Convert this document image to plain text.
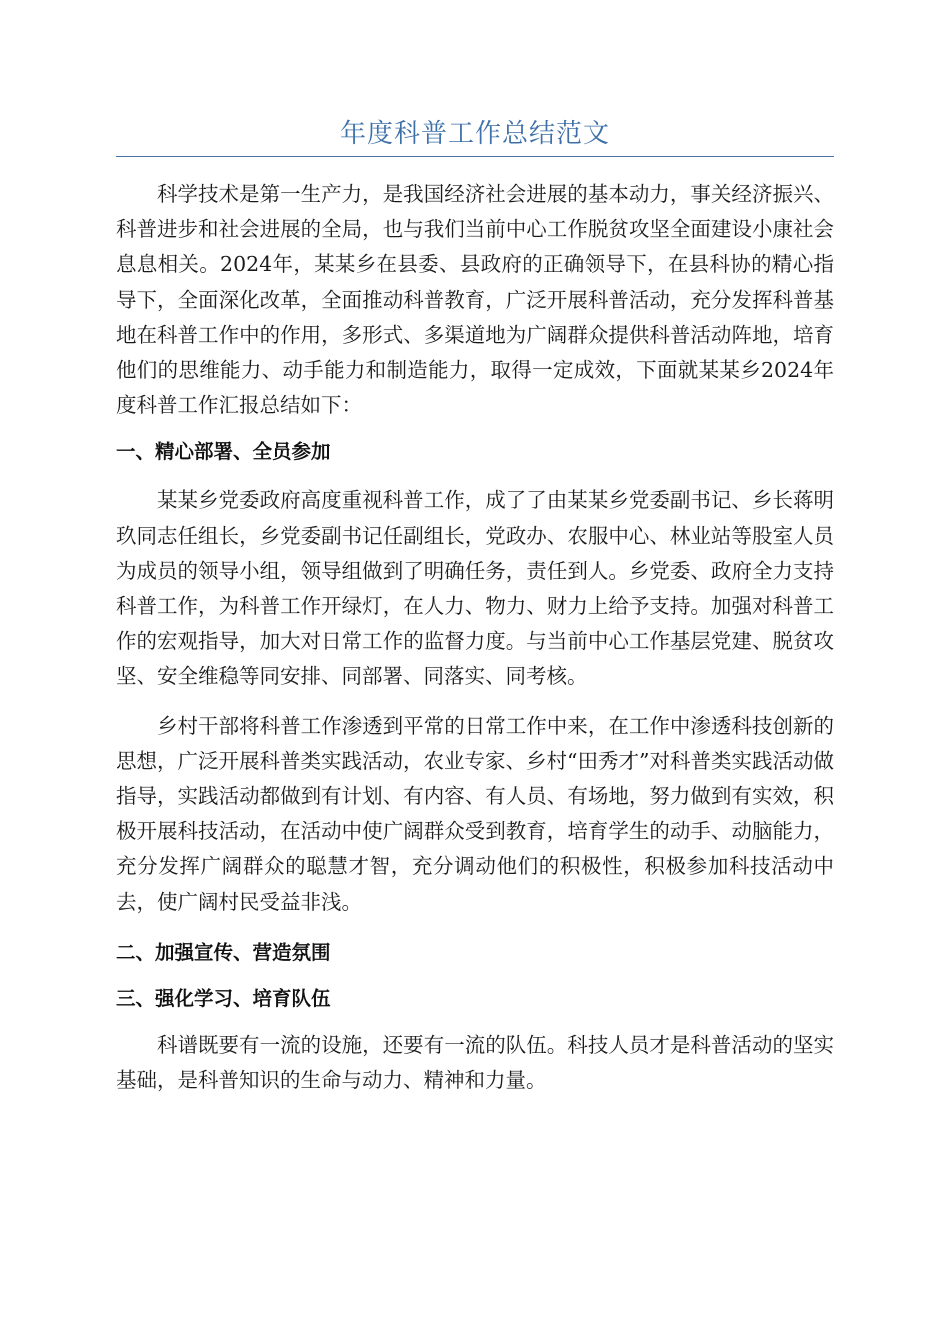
年度科普工作总结范文

科学技术是第一生产力，是我国经济社会进展的基本动力，事关经济振兴、科普进步和社会进展的全局，也与我们当前中心工作脱贫攻坚全面建设小康社会息息相关。2024年，某某乡在县委、县政府的正确领导下，在县科协的精心指导下，全面深化改革，全面推动科普教育，广泛开展科普活动，充分发挥科普基地在科普工作中的作用，多形式、多渠道地为广阔群众提供科普活动阵地，培育他们的思维能力、动手能力和制造能力，取得一定成效，下面就某某乡2024年度科普工作汇报总结如下：

一、精心部署、全员参加

某某乡党委政府高度重视科普工作，成了了由某某乡党委副书记、乡长蒋明玖同志任组长，乡党委副书记任副组长，党政办、农服中心、林业站等股室人员为成员的领导小组，领导组做到了明确任务，责任到人。乡党委、政府全力支持科普工作，为科普工作开绿灯，在人力、物力、财力上给予支持。加强对科普工作的宏观指导，加大对日常工作的监督力度。与当前中心工作基层党建、脱贫攻坚、安全维稳等同安排、同部署、同落实、同考核。

乡村干部将科普工作渗透到平常的日常工作中来，在工作中渗透科技创新的思想，广泛开展科普类实践活动，农业专家、乡村“田秀才”对科普类实践活动做指导，实践活动都做到有计划、有内容、有人员、有场地，努力做到有实效，积极开展科技活动，在活动中使广阔群众受到教育，培育学生的动手、动脑能力，充分发挥广阔群众的聪慧才智，充分调动他们的积极性，积极参加科技活动中去，使广阔村民受益非浅。

二、加强宣传、营造氛围
三、强化学习、培育队伍

科谱既要有一流的设施，还要有一流的队伍。科技人员才是科普活动的坚实基础，是科普知识的生命与动力、精神和力量。
